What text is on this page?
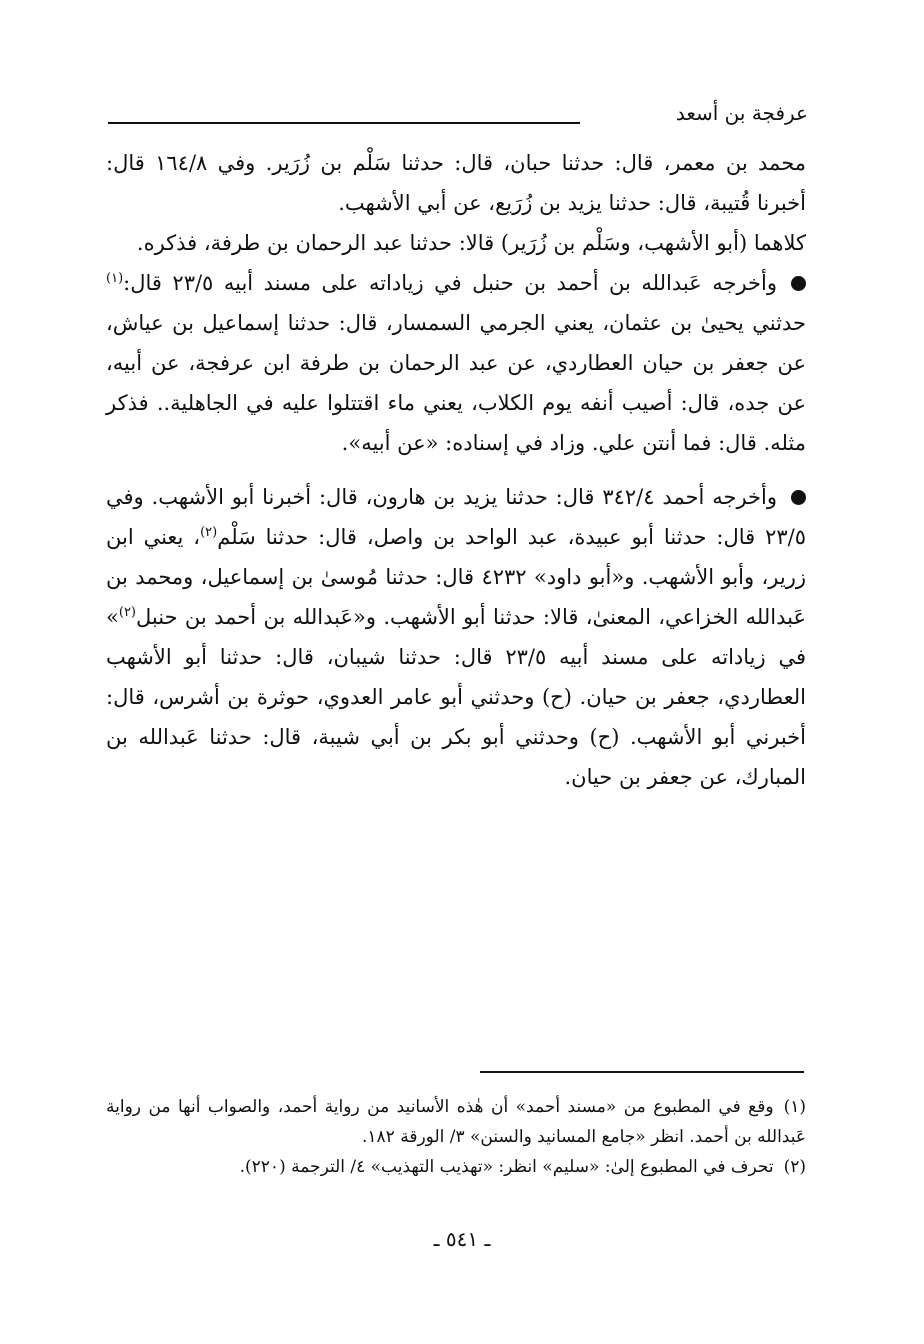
عرفجة بن أسعد

محمد بن معمر، قال: حدثنا حبان، قال: حدثنا سَلْم بن زُرَير. وفي ١٦٤/٨ قال: أخبرنا قُتيبة، قال: حدثنا يزيد بن زُرَيع، عن أبي الأشهب.

كلاهما (أبو الأشهب، وسَلْم بن زُرَير) قالا: حدثنا عبد الرحمان بن طرفة، فذكره.

وأخرجه عَبدالله بن أحمد بن حنبل في زياداته على مسند أبيه ٢٣/٥ قال:$^{(١)}$ حدثني يحيىٰ بن عثمان، يعني الجرمي السمسار، قال: حدثنا إسماعيل بن عياش، عن جعفر بن حيان العطاردي، عن عبد الرحمان بن طرفة ابن عرفجة، عن أبيه، عن جده، قال: أصيب أنفه يوم الكلاب، يعني ماء اقتتلوا عليه في الجاهلية.. فذكر مثله. قال: فما أنتن علي. وزاد في إسناده: «عن أبيه».

وأخرجه أحمد ٣٤٢/٤ قال: حدثنا يزيد بن هارون، قال: أخبرنا أبو الأشهب. وفي ٢٣/٥ قال: حدثنا أبو عبيدة، عبد الواحد بن واصل، قال: حدثنا سَلْم$^{(٢)}$، يعني ابن زرير، وأبو الأشهب. و«أبو داود» ٤٢٣٢ قال: حدثنا مُوسىٰ بن إسماعيل، ومحمد بن عَبدالله الخزاعي، المعنىٰ، قالا: حدثنا أبو الأشهب. و«عَبدالله بن أحمد بن حنبل$^{(٢)}$» في زياداته على مسند أبيه ٢٣/٥ قال: حدثنا شيبان، قال: حدثنا أبو الأشهب العطاردي، جعفر بن حيان. (ح) وحدثني أبو عامر العدوي، حوثرة بن أشرس، قال: أخبرني أبو الأشهب. (ح) وحدثني أبو بكر بن أبي شيبة، قال: حدثنا عَبدالله بن المبارك، عن جعفر بن حيان.

(١)وقع في المطبوع من «مسند أحمد» أن هٰذه الأسانيد من رواية أحمد، والصواب أنها من رواية عَبدالله بن أحمد. انظر «جامع المسانيد والسنن» ٣/ الورقة ١٨٢.

(٢)تحرف في المطبوع إلىٰ: «سليم» انظر: «تهذيب التهذيب» ٤/ الترجمة (٢٢٠).

ـ ٥٤١ ـ
